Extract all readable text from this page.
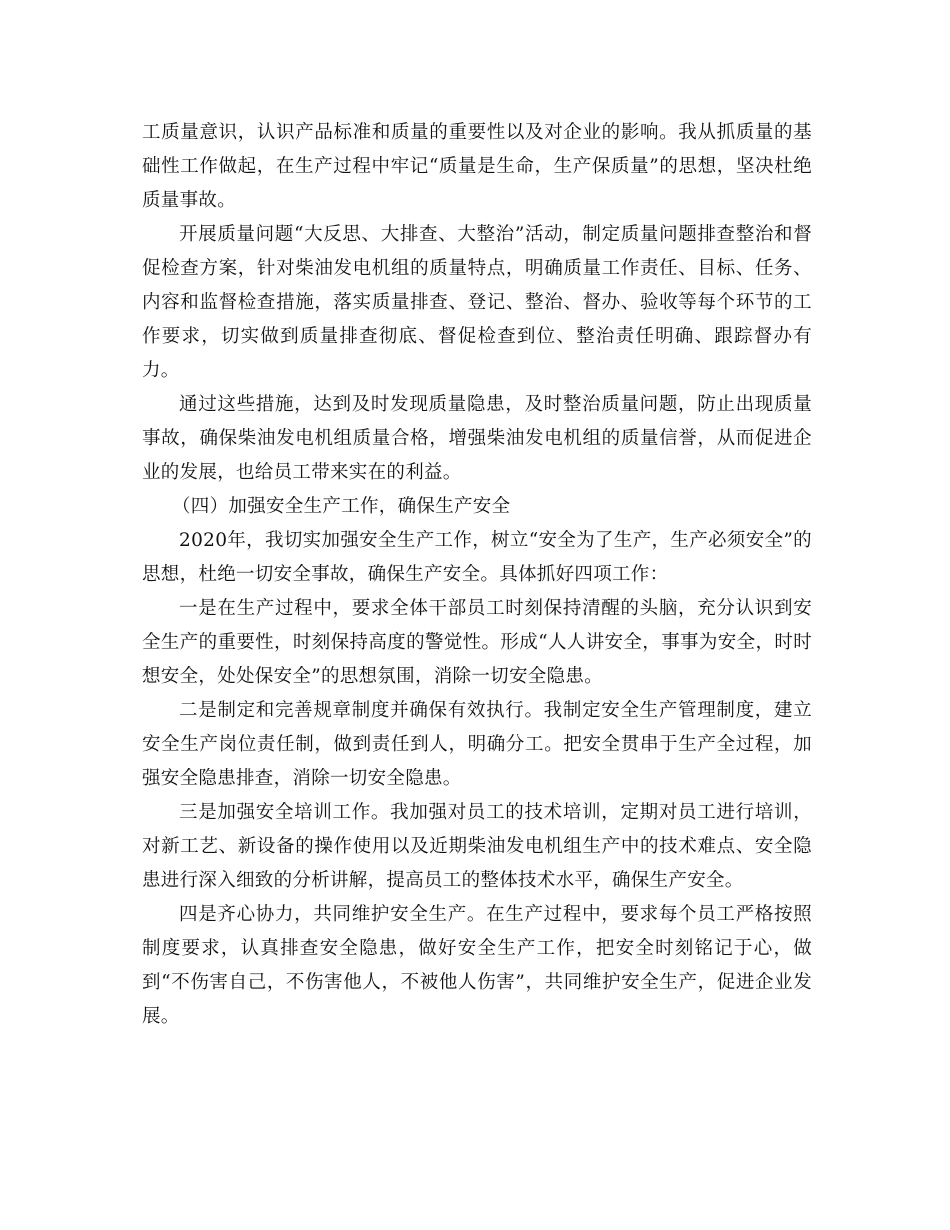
工质量意识，认识产品标准和质量的重要性以及对企业的影响。我从抓质量的基础性工作做起，在生产过程中牢记“质量是生命，生产保质量”的思想，坚决杜绝质量事故。

开展质量问题“大反思、大排查、大整治”活动，制定质量问题排查整治和督促检查方案，针对柴油发电机组的质量特点，明确质量工作责任、目标、任务、内容和监督检查措施，落实质量排查、登记、整治、督办、验收等每个环节的工作要求，切实做到质量排查彻底、督促检查到位、整治责任明确、跟踪督办有力。

通过这些措施，达到及时发现质量隐患，及时整治质量问题，防止出现质量事故，确保柴油发电机组质量合格，增强柴油发电机组的质量信誉，从而促进企业的发展，也给员工带来实在的利益。

（四）加强安全生产工作，确保生产安全

2020年，我切实加强安全生产工作，树立“安全为了生产，生产必须安全”的思想，杜绝一切安全事故，确保生产安全。具体抓好四项工作：

一是在生产过程中，要求全体干部员工时刻保持清醒的头脑，充分认识到安全生产的重要性，时刻保持高度的警觉性。形成“人人讲安全，事事为安全，时时想安全，处处保安全”的思想氛围，消除一切安全隐患。

二是制定和完善规章制度并确保有效执行。我制定安全生产管理制度，建立安全生产岗位责任制，做到责任到人，明确分工。把安全贯串于生产全过程，加强安全隐患排查，消除一切安全隐患。

三是加强安全培训工作。我加强对员工的技术培训，定期对员工进行培训，对新工艺、新设备的操作使用以及近期柴油发电机组生产中的技术难点、安全隐患进行深入细致的分析讲解，提高员工的整体技术水平，确保生产安全。

四是齐心协力，共同维护安全生产。在生产过程中，要求每个员工严格按照制度要求，认真排查安全隐患，做好安全生产工作，把安全时刻铭记于心，做到“不伤害自己，不伤害他人，不被他人伤害”，共同维护安全生产，促进企业发展。
